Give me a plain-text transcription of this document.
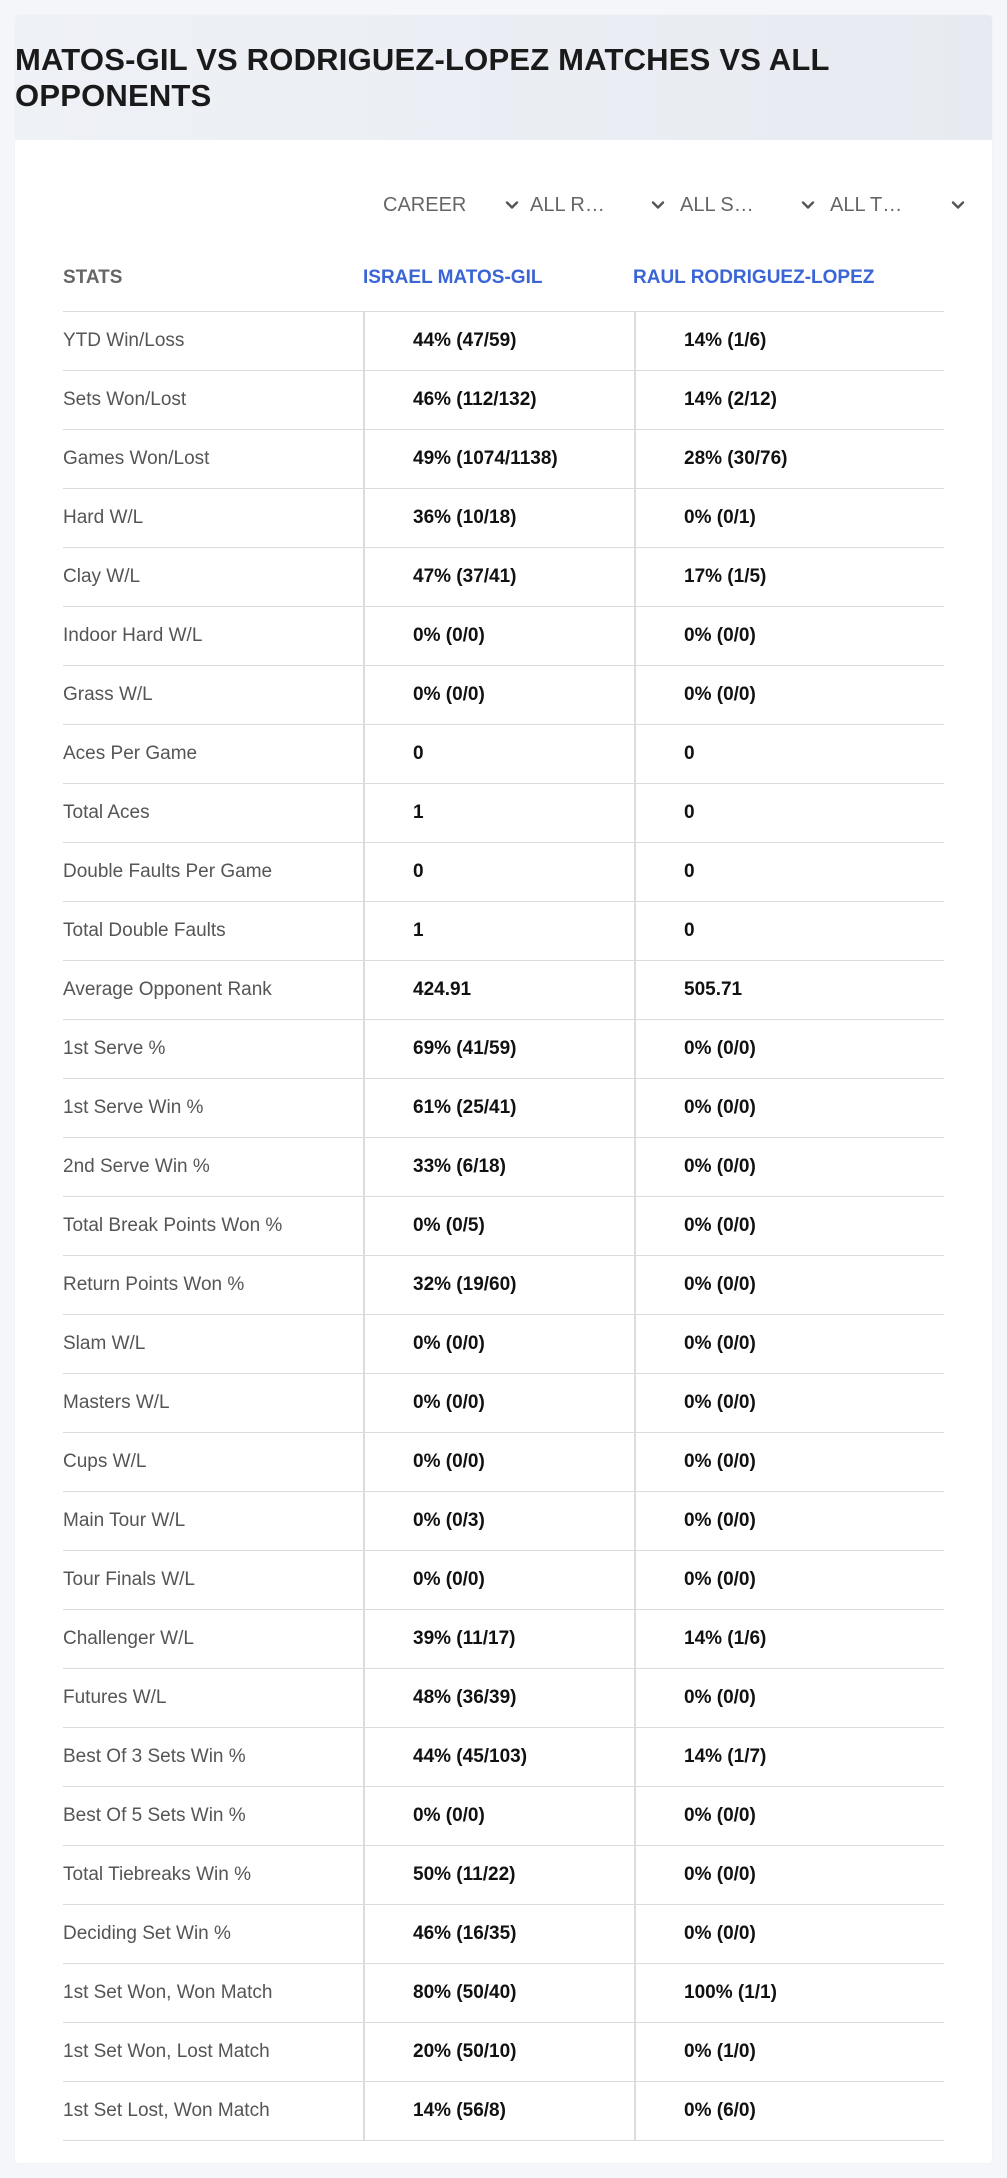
MATOS-GIL VS RODRIGUEZ-LOPEZ MATCHES VS ALL OPPONENTS
CAREER	ALL R…	ALL S…	ALL T…
STATS	ISRAEL MATOS-GIL	RAUL RODRIGUEZ-LOPEZ
YTD Win/Loss	44% (47/59)	14% (1/6)
Sets Won/Lost	46% (112/132)	14% (2/12)
Games Won/Lost	49% (1074/1138)	28% (30/76)
Hard W/L	36% (10/18)	0% (0/1)
Clay W/L	47% (37/41)	17% (1/5)
Indoor Hard W/L	0% (0/0)	0% (0/0)
Grass W/L	0% (0/0)	0% (0/0)
Aces Per Game	0	0
Total Aces	1	0
Double Faults Per Game	0	0
Total Double Faults	1	0
Average Opponent Rank	424.91	505.71
1st Serve %	69% (41/59)	0% (0/0)
1st Serve Win %	61% (25/41)	0% (0/0)
2nd Serve Win %	33% (6/18)	0% (0/0)
Total Break Points Won %	0% (0/5)	0% (0/0)
Return Points Won %	32% (19/60)	0% (0/0)
Slam W/L	0% (0/0)	0% (0/0)
Masters W/L	0% (0/0)	0% (0/0)
Cups W/L	0% (0/0)	0% (0/0)
Main Tour W/L	0% (0/3)	0% (0/0)
Tour Finals W/L	0% (0/0)	0% (0/0)
Challenger W/L	39% (11/17)	14% (1/6)
Futures W/L	48% (36/39)	0% (0/0)
Best Of 3 Sets Win %	44% (45/103)	14% (1/7)
Best Of 5 Sets Win %	0% (0/0)	0% (0/0)
Total Tiebreaks Win %	50% (11/22)	0% (0/0)
Deciding Set Win %	46% (16/35)	0% (0/0)
1st Set Won, Won Match	80% (50/40)	100% (1/1)
1st Set Won, Lost Match	20% (50/10)	0% (1/0)
1st Set Lost, Won Match	14% (56/8)	0% (6/0)
